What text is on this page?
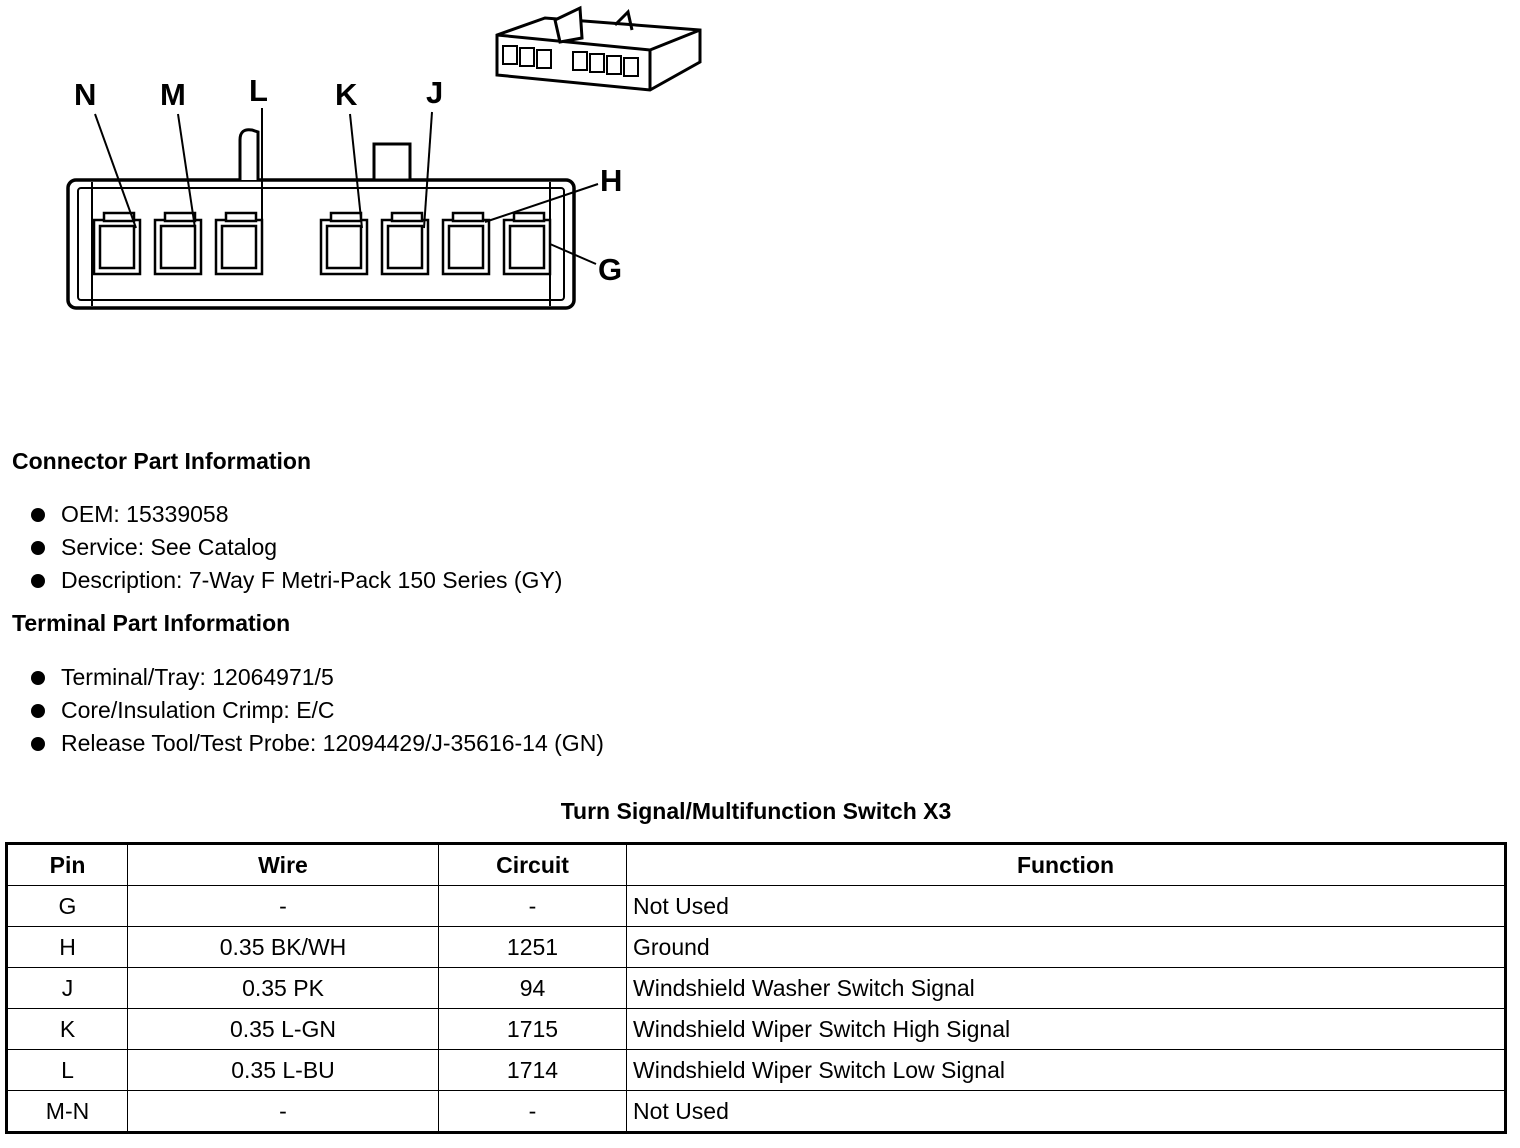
N M L K J
H
G
Connector Part Information
OEM: 15339058
Service: See Catalog
Description: 7-Way F Metri-Pack 150 Series (GY)
Terminal Part Information
Terminal/Tray: 12064971/5
Core/Insulation Crimp: E/C
Release Tool/Test Probe: 12094429/J-35616-14 (GN)
Turn Signal/Multifunction Switch X3
Pin	Wire	Circuit	Function
G	-	-	Not Used
H	0.35 BK/WH	1251	Ground
J	0.35 PK	94	Windshield Washer Switch Signal
K	0.35 L-GN	1715	Windshield Wiper Switch High Signal
L	0.35 L-BU	1714	Windshield Wiper Switch Low Signal
M-N	-	-	Not Used
